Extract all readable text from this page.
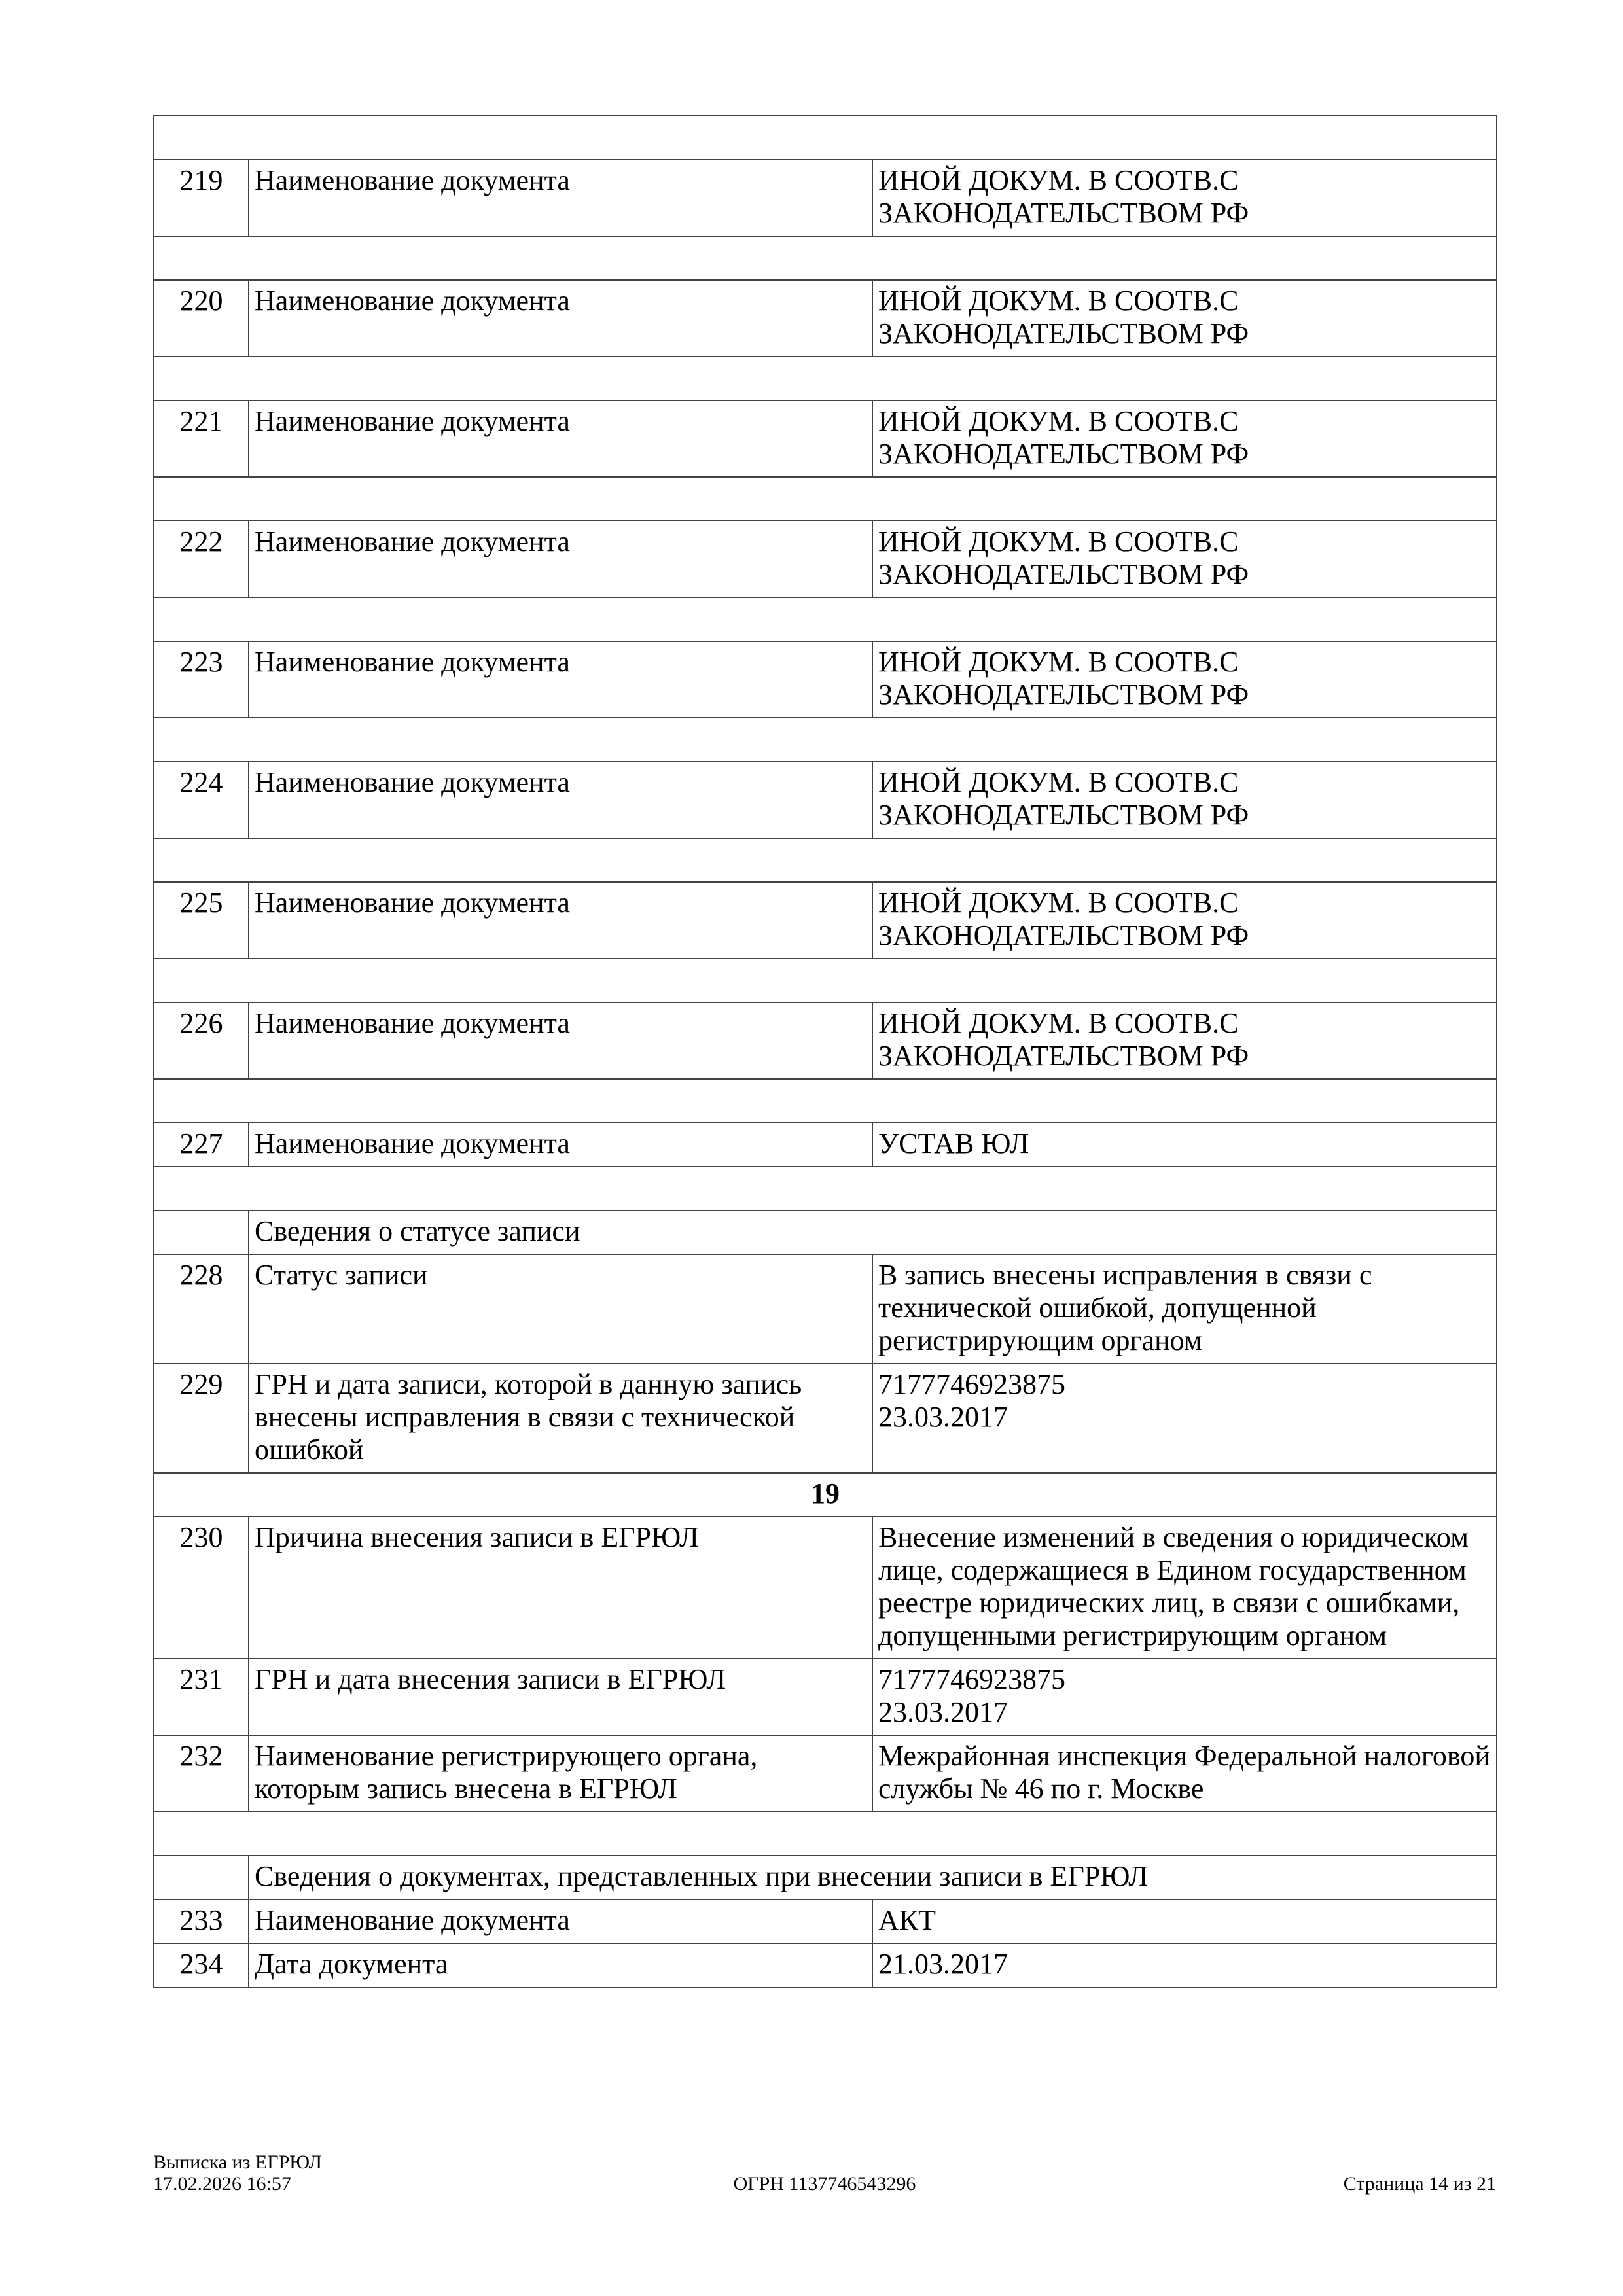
219	Наименование документа	ИНОЙ ДОКУМ. В СООТВ.С
ЗАКОНОДАТЕЛЬСТВОМ РФ

220	Наименование документа	ИНОЙ ДОКУМ. В СООТВ.С
ЗАКОНОДАТЕЛЬСТВОМ РФ

221	Наименование документа	ИНОЙ ДОКУМ. В СООТВ.С
ЗАКОНОДАТЕЛЬСТВОМ РФ

222	Наименование документа	ИНОЙ ДОКУМ. В СООТВ.С
ЗАКОНОДАТЕЛЬСТВОМ РФ

223	Наименование документа	ИНОЙ ДОКУМ. В СООТВ.С
ЗАКОНОДАТЕЛЬСТВОМ РФ

224	Наименование документа	ИНОЙ ДОКУМ. В СООТВ.С
ЗАКОНОДАТЕЛЬСТВОМ РФ

225	Наименование документа	ИНОЙ ДОКУМ. В СООТВ.С
ЗАКОНОДАТЕЛЬСТВОМ РФ

226	Наименование документа	ИНОЙ ДОКУМ. В СООТВ.С
ЗАКОНОДАТЕЛЬСТВОМ РФ

227	Наименование документа	УСТАВ ЮЛ

	Сведения о статусе записи	
228	Статус записи	В запись внесены исправления в связи с технической ошибкой, допущенной регистрирующим органом

229	ГРН и дата записи, которой в данную запись внесены исправления в связи с технической ошибкой	7177746923875
23.03.2017

19		
230	Причина внесения записи в ЕГРЮЛ	Внесение изменений в сведения о юридическом лице, содержащиеся в Едином государственном реестре юридических лиц, в связи с ошибками, допущенными регистрирующим органом

231	ГРН и дата внесения записи в ЕГРЮЛ	7177746923875
23.03.2017

232	Наименование регистрирующего органа, которым запись внесена в ЕГРЮЛ	Межрайонная инспекция Федеральной налоговой службы № 46 по г. Москве

	Сведения о документах, представленных при внесении записи в ЕГРЮЛ	
233	Наименование документа	АКТ

234	Дата документа	21.03.2017
Выписка из ЕГРЮЛ
17.02.2026 16:57	ОГРН 1137746543296	Страница 14 из 21
